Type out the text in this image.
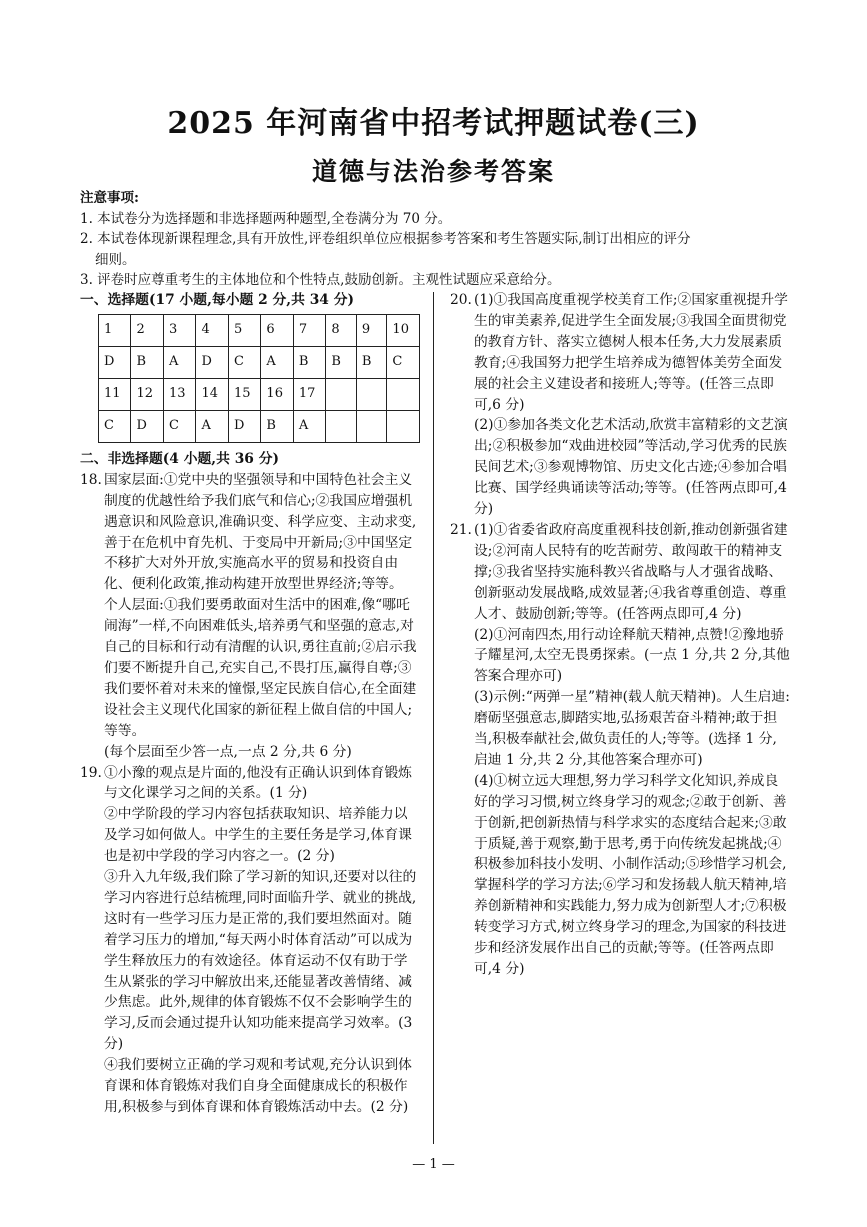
2025 年河南省中招考试押题试卷(三)
道德与法治参考答案
注意事项:
1. 本试卷分为选择题和非选择题两种题型,全卷满分为 70 分。
2. 本试卷体现新课程理念,具有开放性,评卷组织单位应根据参考答案和考生答题实际,制订出相应的评分
细则。
3. 评卷时应尊重考生的主体地位和个性特点,鼓励创新。主观性试题应采意给分。
一、选择题(17 小题,每小题 2 分,共 34 分)
1	2	3	4	5	6	7	8	9	10
D	B	A	D	C	A	B	B	B	C
11	12	13	14	15	16	17			
C	D	C	A	D	B	A			
二、非选择题(4 小题,共 36 分)
18. 国家层面:①党中央的坚强领导和中国特色社会主义制度的优越性给予我们底气和信心;②我国应增强机遇意识和风险意识,准确识变、科学应变、主动求变,善于在危机中育先机、于变局中开新局;③中国坚定不移扩大对外开放,实施高水平的贸易和投资自由化、便利化政策,推动构建开放型世界经济;等等。
个人层面:①我们要勇敢面对生活中的困难,像“哪吒闹海”一样,不向困难低头,培养勇气和坚强的意志,对自己的目标和行动有清醒的认识,勇往直前;②启示我们要不断提升自己,充实自己,不畏打压,赢得自尊;③我们要怀着对未来的憧憬,坚定民族自信心,在全面建设社会主义现代化国家的新征程上做自信的中国人;等等。
(每个层面至少答一点,一点 2 分,共 6 分)
19. ①小豫的观点是片面的,他没有正确认识到体育锻炼与文化课学习之间的关系。(1 分)
②中学阶段的学习内容包括获取知识、培养能力以及学习如何做人。中学生的主要任务是学习,体育课也是初中学段的学习内容之一。(2 分)
③升入九年级,我们除了学习新的知识,还要对以往的学习内容进行总结梳理,同时面临升学、就业的挑战,这时有一些学习压力是正常的,我们要坦然面对。随着学习压力的增加,“每天两小时体育活动”可以成为学生释放压力的有效途径。体育运动不仅有助于学生从紧张的学习中解放出来,还能显著改善情绪、减少焦虑。此外,规律的体育锻炼不仅不会影响学生的学习,反而会通过提升认知功能来提高学习效率。(3 分)
④我们要树立正确的学习观和考试观,充分认识到体育课和体育锻炼对我们自身全面健康成长的积极作用,积极参与到体育课和体育锻炼活动中去。(2 分)
20. (1)①我国高度重视学校美育工作;②国家重视提升学生的审美素养,促进学生全面发展;③我国全面贯彻党的教育方针、落实立德树人根本任务,大力发展素质教育;④我国努力把学生培养成为德智体美劳全面发展的社会主义建设者和接班人;等等。(任答三点即可,6 分)
(2)①参加各类文化艺术活动,欣赏丰富精彩的文艺演出;②积极参加“戏曲进校园”等活动,学习优秀的民族民间艺术;③参观博物馆、历史文化古迹;④参加合唱比赛、国学经典诵读等活动;等等。(任答两点即可,4 分)
21. (1)①省委省政府高度重视科技创新,推动创新强省建设;②河南人民特有的吃苦耐劳、敢闯敢干的精神支撑;③我省坚持实施科教兴省战略与人才强省战略、创新驱动发展战略,成效显著;④我省尊重创造、尊重人才、鼓励创新;等等。(任答两点即可,4 分)
(2)①河南四杰,用行动诠释航天精神,点赞!②豫地骄子耀星河,太空无畏勇探索。(一点 1 分,共 2 分,其他答案合理亦可)
(3)示例:“两弹一星”精神(载人航天精神)。人生启迪:磨砺坚强意志,脚踏实地,弘扬艰苦奋斗精神;敢于担当,积极奉献社会,做负责任的人;等等。(选择 1 分,启迪 1 分,共 2 分,其他答案合理亦可)
(4)①树立远大理想,努力学习科学文化知识,养成良好的学习习惯,树立终身学习的观念;②敢于创新、善于创新,把创新热情与科学求实的态度结合起来;③敢于质疑,善于观察,勤于思考,勇于向传统发起挑战;④积极参加科技小发明、小制作活动;⑤珍惜学习机会,掌握科学的学习方法;⑥学习和发扬载人航天精神,培养创新精神和实践能力,努力成为创新型人才;⑦积极转变学习方式,树立终身学习的理念,为国家的科技进步和经济发展作出自己的贡献;等等。(任答两点即可,4 分)
— 1 —
